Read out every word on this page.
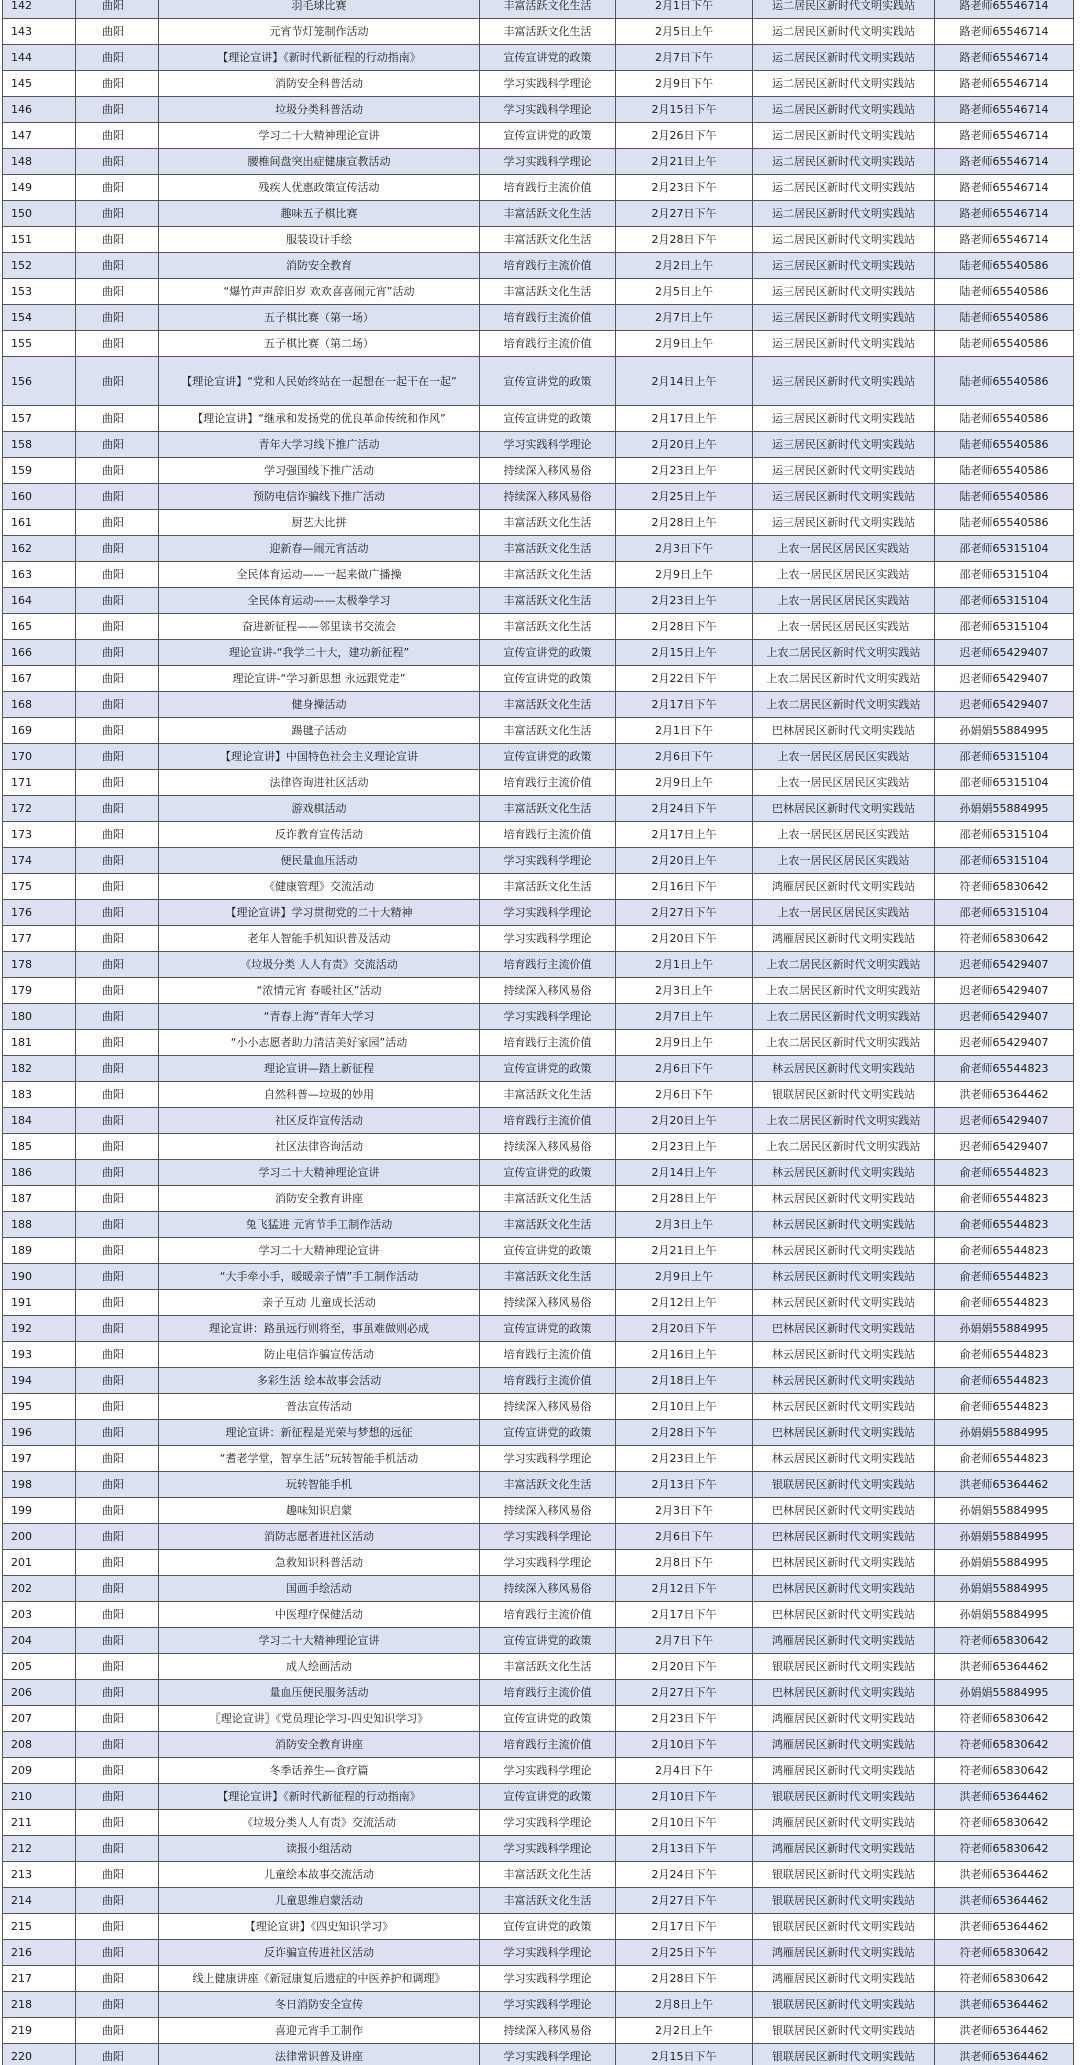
142	曲阳	羽毛球比赛	丰富活跃文化生活	2月1日下午	运二居民区新时代文明实践站	路老师65546714
143	曲阳	元宵节灯笼制作活动	丰富活跃文化生活	2月5日上午	运二居民区新时代文明实践站	路老师65546714
144	曲阳	【理论宣讲】《新时代新征程的行动指南》	宣传宣讲党的政策	2月7日下午	运二居民区新时代文明实践站	路老师65546714
145	曲阳	消防安全科普活动	学习实践科学理论	2月9日下午	运二居民区新时代文明实践站	路老师65546714
146	曲阳	垃圾分类科普活动	学习实践科学理论	2月15日下午	运二居民区新时代文明实践站	路老师65546714
147	曲阳	学习二十大精神理论宣讲	宣传宣讲党的政策	2月26日下午	运二居民区新时代文明实践站	路老师65546714
148	曲阳	腰椎间盘突出症健康宣教活动	学习实践科学理论	2月21日上午	运二居民区新时代文明实践站	路老师65546714
149	曲阳	残疾人优惠政策宣传活动	培育践行主流价值	2月23日下午	运二居民区新时代文明实践站	路老师65546714
150	曲阳	趣味五子棋比赛	丰富活跃文化生活	2月27日下午	运二居民区新时代文明实践站	路老师65546714
151	曲阳	服装设计手绘	丰富活跃文化生活	2月28日下午	运二居民区新时代文明实践站	路老师65546714
152	曲阳	消防安全教育	培育践行主流价值	2月2日上午	运三居民区新时代文明实践站	陆老师65540586
153	曲阳	“爆竹声声辞旧岁 欢欢喜喜闹元宵”活动	丰富活跃文化生活	2月5日上午	运三居民区新时代文明实践站	陆老师65540586
154	曲阳	五子棋比赛（第一场）	培育践行主流价值	2月7日上午	运三居民区新时代文明实践站	陆老师65540586
155	曲阳	五子棋比赛（第二场）	培育践行主流价值	2月9日上午	运三居民区新时代文明实践站	陆老师65540586
156	曲阳	【理论宣讲】“党和人民始终站在一起想在一起干在一起”	宣传宣讲党的政策	2月14日上午	运三居民区新时代文明实践站	陆老师65540586
157	曲阳	【理论宣讲】“继承和发扬党的优良革命传统和作风”	宣传宣讲党的政策	2月17日上午	运三居民区新时代文明实践站	陆老师65540586
158	曲阳	青年大学习线下推广活动	学习实践科学理论	2月20日上午	运三居民区新时代文明实践站	陆老师65540586
159	曲阳	学习强国线下推广活动	持续深入移风易俗	2月23日上午	运三居民区新时代文明实践站	陆老师65540586
160	曲阳	预防电信诈骗线下推广活动	持续深入移风易俗	2月25日上午	运三居民区新时代文明实践站	陆老师65540586
161	曲阳	厨艺大比拼	丰富活跃文化生活	2月28日上午	运三居民区新时代文明实践站	陆老师65540586
162	曲阳	迎新春—闹元宵活动	丰富活跃文化生活	2月3日下午	上农一居民区居民区实践站	邵老师65315104
163	曲阳	全民体育运动——一起来做广播操	丰富活跃文化生活	2月9日上午	上农一居民区居民区实践站	邵老师65315104
164	曲阳	全民体育运动——太极拳学习	丰富活跃文化生活	2月23日上午	上农一居民区居民区实践站	邵老师65315104
165	曲阳	奋进新征程——邻里读书交流会	丰富活跃文化生活	2月28日下午	上农一居民区居民区实践站	邵老师65315104
166	曲阳	理论宣讲-“我学二十大，建功新征程”	宣传宣讲党的政策	2月15日上午	上农二居民区新时代文明实践站	迟老师65429407
167	曲阳	理论宣讲-“学习新思想 永远跟党走”	宣传宣讲党的政策	2月22日下午	上农二居民区新时代文明实践站	迟老师65429407
168	曲阳	健身操活动	丰富活跃文化生活	2月17日下午	上农二居民区新时代文明实践站	迟老师65429407
169	曲阳	踢毽子活动	丰富活跃文化生活	2月1日下午	巴林居民区新时代文明实践站	孙娟娟55884995
170	曲阳	【理论宣讲】中国特色社会主义理论宣讲	宣传宣讲党的政策	2月6日下午	上农一居民区居民区实践站	邵老师65315104
171	曲阳	法律咨询进社区活动	培育践行主流价值	2月9日上午	上农一居民区居民区实践站	邵老师65315104
172	曲阳	游戏棋活动	丰富活跃文化生活	2月24日下午	巴林居民区新时代文明实践站	孙娟娟55884995
173	曲阳	反诈教育宣传活动	培育践行主流价值	2月17日上午	上农一居民区居民区实践站	邵老师65315104
174	曲阳	便民量血压活动	学习实践科学理论	2月20日上午	上农一居民区居民区实践站	邵老师65315104
175	曲阳	《健康管理》交流活动	丰富活跃文化生活	2月16日下午	鸿雁居民区新时代文明实践站	符老师65830642
176	曲阳	【理论宣讲】学习贯彻党的二十大精神	学习实践科学理论	2月27日下午	上农一居民区居民区实践站	邵老师65315104
177	曲阳	老年人智能手机知识普及活动	学习实践科学理论	2月20日下午	鸿雁居民区新时代文明实践站	符老师65830642
178	曲阳	《垃圾分类 人人有责》交流活动	培育践行主流价值	2月1日上午	上农二居民区新时代文明实践站	迟老师65429407
179	曲阳	“浓情元宵 春暖社区”活动	持续深入移风易俗	2月3日上午	上农二居民区新时代文明实践站	迟老师65429407
180	曲阳	“青春上海”青年大学习	学习实践科学理论	2月7日上午	上农二居民区新时代文明实践站	迟老师65429407
181	曲阳	“小小志愿者助力清洁美好家园”活动	培育践行主流价值	2月9日上午	上农二居民区新时代文明实践站	迟老师65429407
182	曲阳	理论宣讲—踏上新征程	宣传宣讲党的政策	2月6日下午	林云居民区新时代文明实践站	俞老师65544823
183	曲阳	自然科普—垃圾的妙用	丰富活跃文化生活	2月6日下午	银联居民区新时代文明实践站	洪老师65364462
184	曲阳	社区反诈宣传活动	培育践行主流价值	2月20日上午	上农二居民区新时代文明实践站	迟老师65429407
185	曲阳	社区法律咨询活动	持续深入移风易俗	2月23日上午	上农二居民区新时代文明实践站	迟老师65429407
186	曲阳	学习二十大精神理论宣讲	宣传宣讲党的政策	2月14日上午	林云居民区新时代文明实践站	俞老师65544823
187	曲阳	消防安全教育讲座	丰富活跃文化生活	2月28日上午	林云居民区新时代文明实践站	俞老师65544823
188	曲阳	兔飞猛进 元宵节手工制作活动	丰富活跃文化生活	2月3日上午	林云居民区新时代文明实践站	俞老师65544823
189	曲阳	学习二十大精神理论宣讲	宣传宣讲党的政策	2月21日上午	林云居民区新时代文明实践站	俞老师65544823
190	曲阳	“大手牵小手，暖暖亲子情”手工制作活动	丰富活跃文化生活	2月9日上午	林云居民区新时代文明实践站	俞老师65544823
191	曲阳	亲子互动 儿童成长活动	持续深入移风易俗	2月12日上午	林云居民区新时代文明实践站	俞老师65544823
192	曲阳	理论宣讲：路虽远行则将至，事虽难做则必成	宣传宣讲党的政策	2月20日下午	巴林居民区新时代文明实践站	孙娟娟55884995
193	曲阳	防止电信诈骗宣传活动	培育践行主流价值	2月16日上午	林云居民区新时代文明实践站	俞老师65544823
194	曲阳	多彩生活 绘本故事会活动	培育践行主流价值	2月18日上午	林云居民区新时代文明实践站	俞老师65544823
195	曲阳	普法宣传活动	持续深入移风易俗	2月10日上午	林云居民区新时代文明实践站	俞老师65544823
196	曲阳	理论宣讲：新征程是光荣与梦想的远征	宣传宣讲党的政策	2月28日下午	巴林居民区新时代文明实践站	孙娟娟55884995
197	曲阳	“耆老学堂，智享生活”玩转智能手机活动	学习实践科学理论	2月23日上午	林云居民区新时代文明实践站	俞老师65544823
198	曲阳	玩转智能手机	丰富活跃文化生活	2月13日下午	银联居民区新时代文明实践站	洪老师65364462
199	曲阳	趣味知识启蒙	持续深入移风易俗	2月3日下午	巴林居民区新时代文明实践站	孙娟娟55884995
200	曲阳	消防志愿者进社区活动	学习实践科学理论	2月6日下午	巴林居民区新时代文明实践站	孙娟娟55884995
201	曲阳	急救知识科普活动	学习实践科学理论	2月8日下午	巴林居民区新时代文明实践站	孙娟娟55884995
202	曲阳	国画手绘活动	持续深入移风易俗	2月12日下午	巴林居民区新时代文明实践站	孙娟娟55884995
203	曲阳	中医理疗保健活动	培育践行主流价值	2月17日下午	巴林居民区新时代文明实践站	孙娟娟55884995
204	曲阳	学习二十大精神理论宣讲	宣传宣讲党的政策	2月7日下午	鸿雁居民区新时代文明实践站	符老师65830642
205	曲阳	成人绘画活动	丰富活跃文化生活	2月20日下午	银联居民区新时代文明实践站	洪老师65364462
206	曲阳	量血压便民服务活动	培育践行主流价值	2月27日下午	巴林居民区新时代文明实践站	孙娟娟55884995
207	曲阳	〖理论宣讲〗《党员理论学习-四史知识学习》	宣传宣讲党的政策	2月23日下午	鸿雁居民区新时代文明实践站	符老师65830642
208	曲阳	消防安全教育讲座	培育践行主流价值	2月10日下午	鸿雁居民区新时代文明实践站	符老师65830642
209	曲阳	冬季话养生—食疗篇	学习实践科学理论	2月4日下午	鸿雁居民区新时代文明实践站	符老师65830642
210	曲阳	【理论宣讲】《新时代新征程的行动指南》	宣传宣讲党的政策	2月10日下午	银联居民区新时代文明实践站	洪老师65364462
211	曲阳	《垃圾分类人人有责》交流活动	学习实践科学理论	2月10日下午	鸿雁居民区新时代文明实践站	符老师65830642
212	曲阳	读报小组活动	学习实践科学理论	2月13日下午	鸿雁居民区新时代文明实践站	符老师65830642
213	曲阳	儿童绘本故事交流活动	丰富活跃文化生活	2月24日下午	银联居民区新时代文明实践站	洪老师65364462
214	曲阳	儿童思维启蒙活动	丰富活跃文化生活	2月27日下午	银联居民区新时代文明实践站	洪老师65364462
215	曲阳	【理论宣讲】《四史知识学习》	宣传宣讲党的政策	2月17日下午	银联居民区新时代文明实践站	洪老师65364462
216	曲阳	反诈骗宣传进社区活动	学习实践科学理论	2月25日下午	鸿雁居民区新时代文明实践站	符老师65830642
217	曲阳	线上健康讲座《新冠康复后遗症的中医养护和调理》	学习实践科学理论	2月28日下午	鸿雁居民区新时代文明实践站	符老师65830642
218	曲阳	冬日消防安全宣传	学习实践科学理论	2月8日上午	银联居民区新时代文明实践站	洪老师65364462
219	曲阳	喜迎元宵手工制作	持续深入移风易俗	2月2日上午	银联居民区新时代文明实践站	洪老师65364462
220	曲阳	法律常识普及讲座	学习实践科学理论	2月15日下午	银联居民区新时代文明实践站	洪老师65364462
